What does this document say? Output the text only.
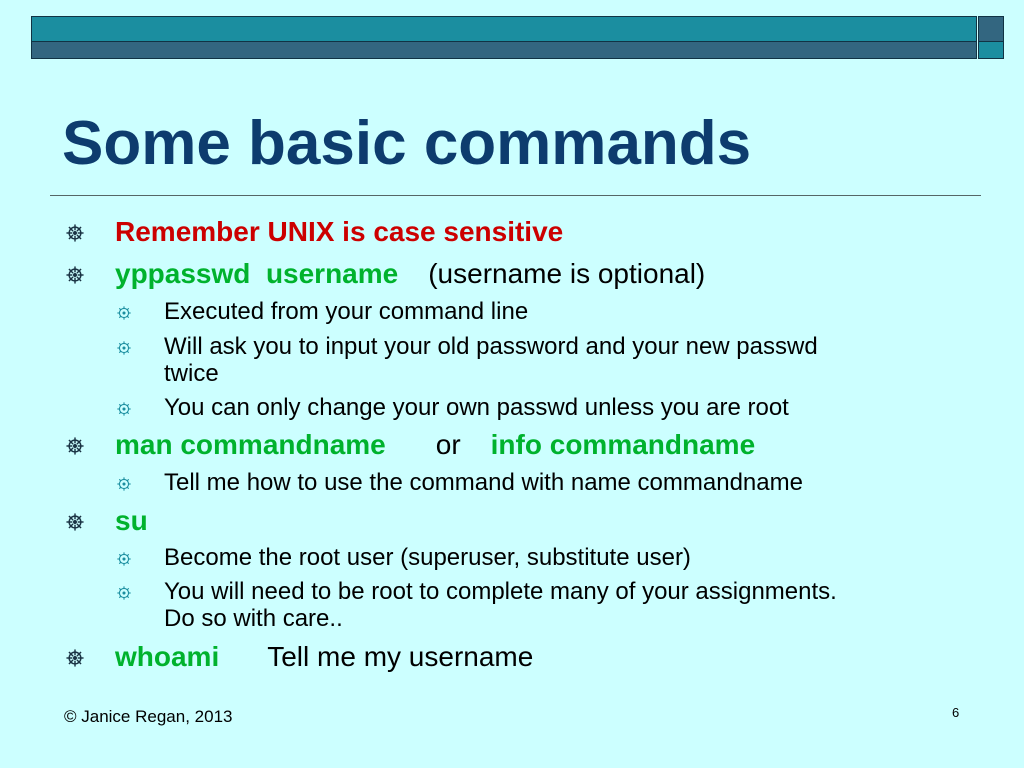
Some basic commands
Remember UNIX is case sensitive
yppasswd  username (username is optional)
Executed from your command line
Will ask you to input your old password and your new passwd
twice
You can only change your own passwd unless you are root
man commandname or info commandname
Tell me how to use the command with name commandname
su
Become the root user (superuser, substitute user)
You will need to be root to complete many of your assignments.
Do so with care..
whoami Tell me my username
© Janice Regan, 2013	6
